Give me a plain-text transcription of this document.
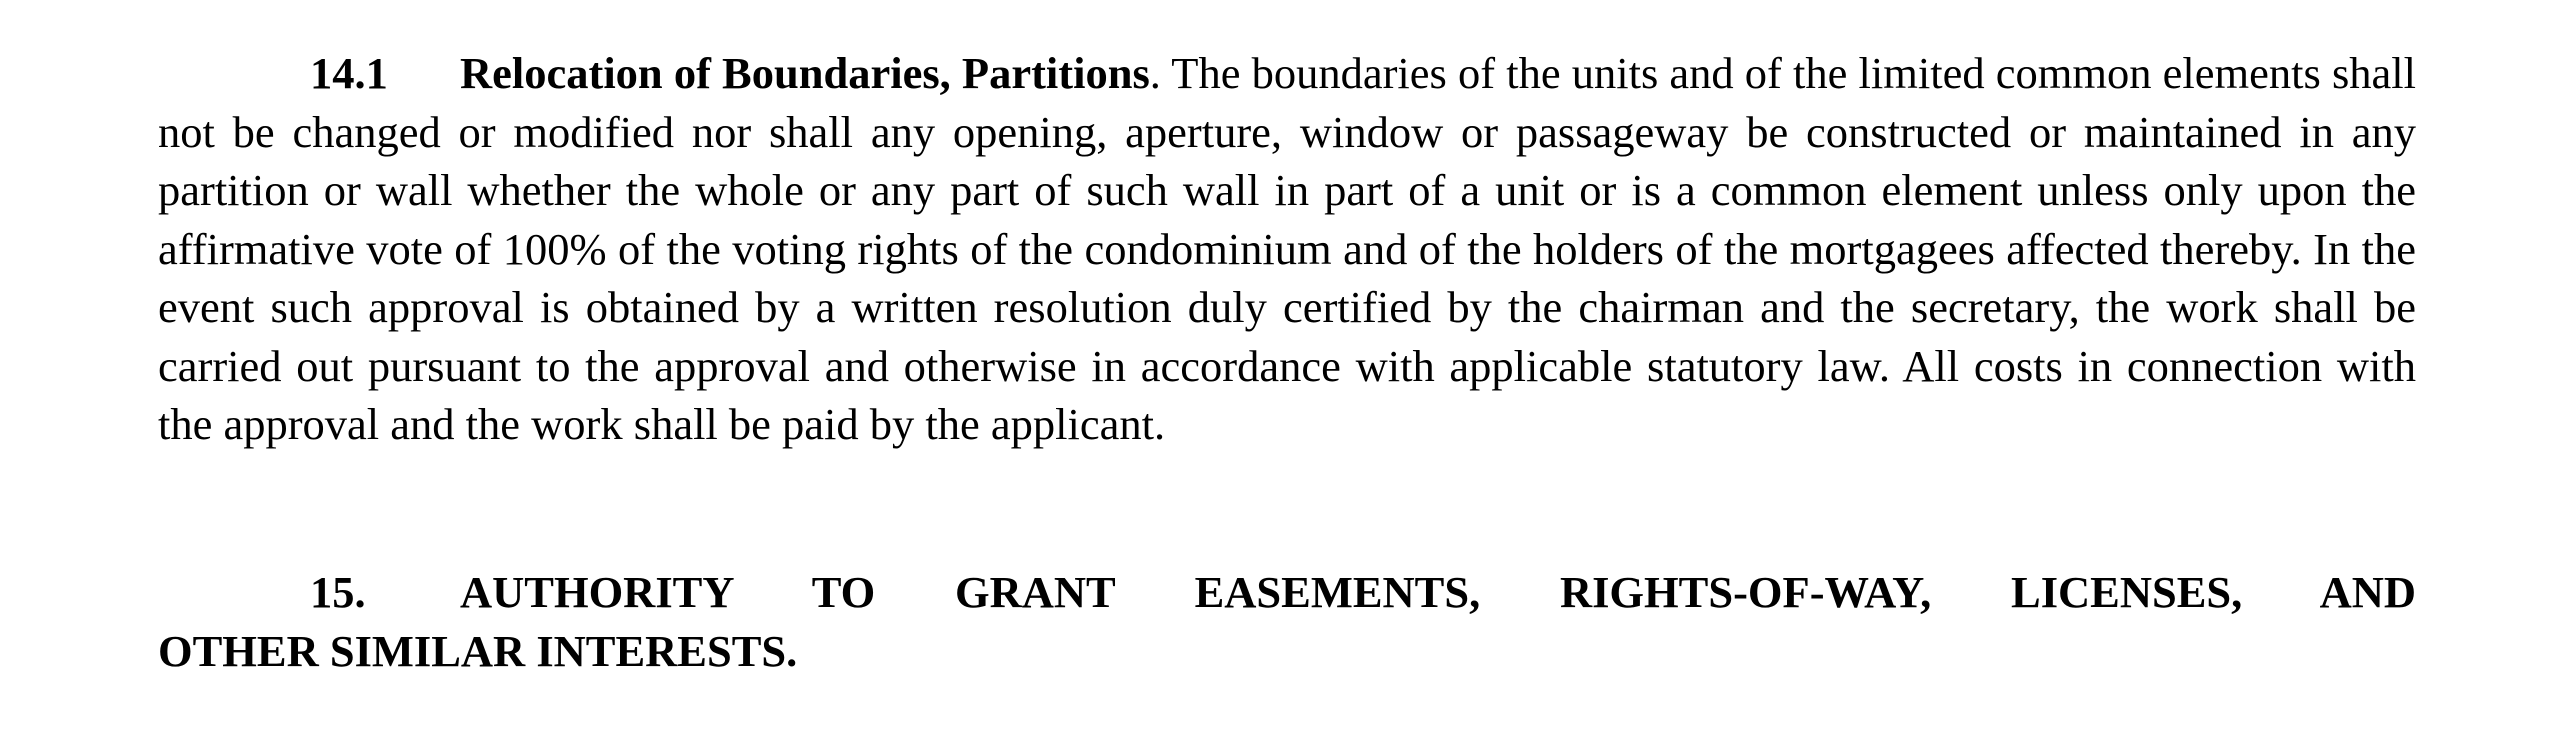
14.1 Relocation of Boundaries, Partitions. The boundaries of the units and of the limited common elements shall not be changed or modified nor shall any opening, aperture, window or passageway be constructed or maintained in any partition or wall whether the whole or any part of such wall in part of a unit or is a common element unless only upon the affirmative vote of 100% of the voting rights of the condominium and of the holders of the mortgagees affected thereby. In the event such approval is obtained by a written resolution duly certified by the chairman and the secretary, the work shall be carried out pursuant to the approval and otherwise in accordance with applicable statutory law. All costs in connection with the approval and the work shall be paid by the applicant.

15. AUTHORITY TO GRANT EASEMENTS, RIGHTS-OF-WAY, LICENSES, AND
OTHER SIMILAR INTERESTS.
